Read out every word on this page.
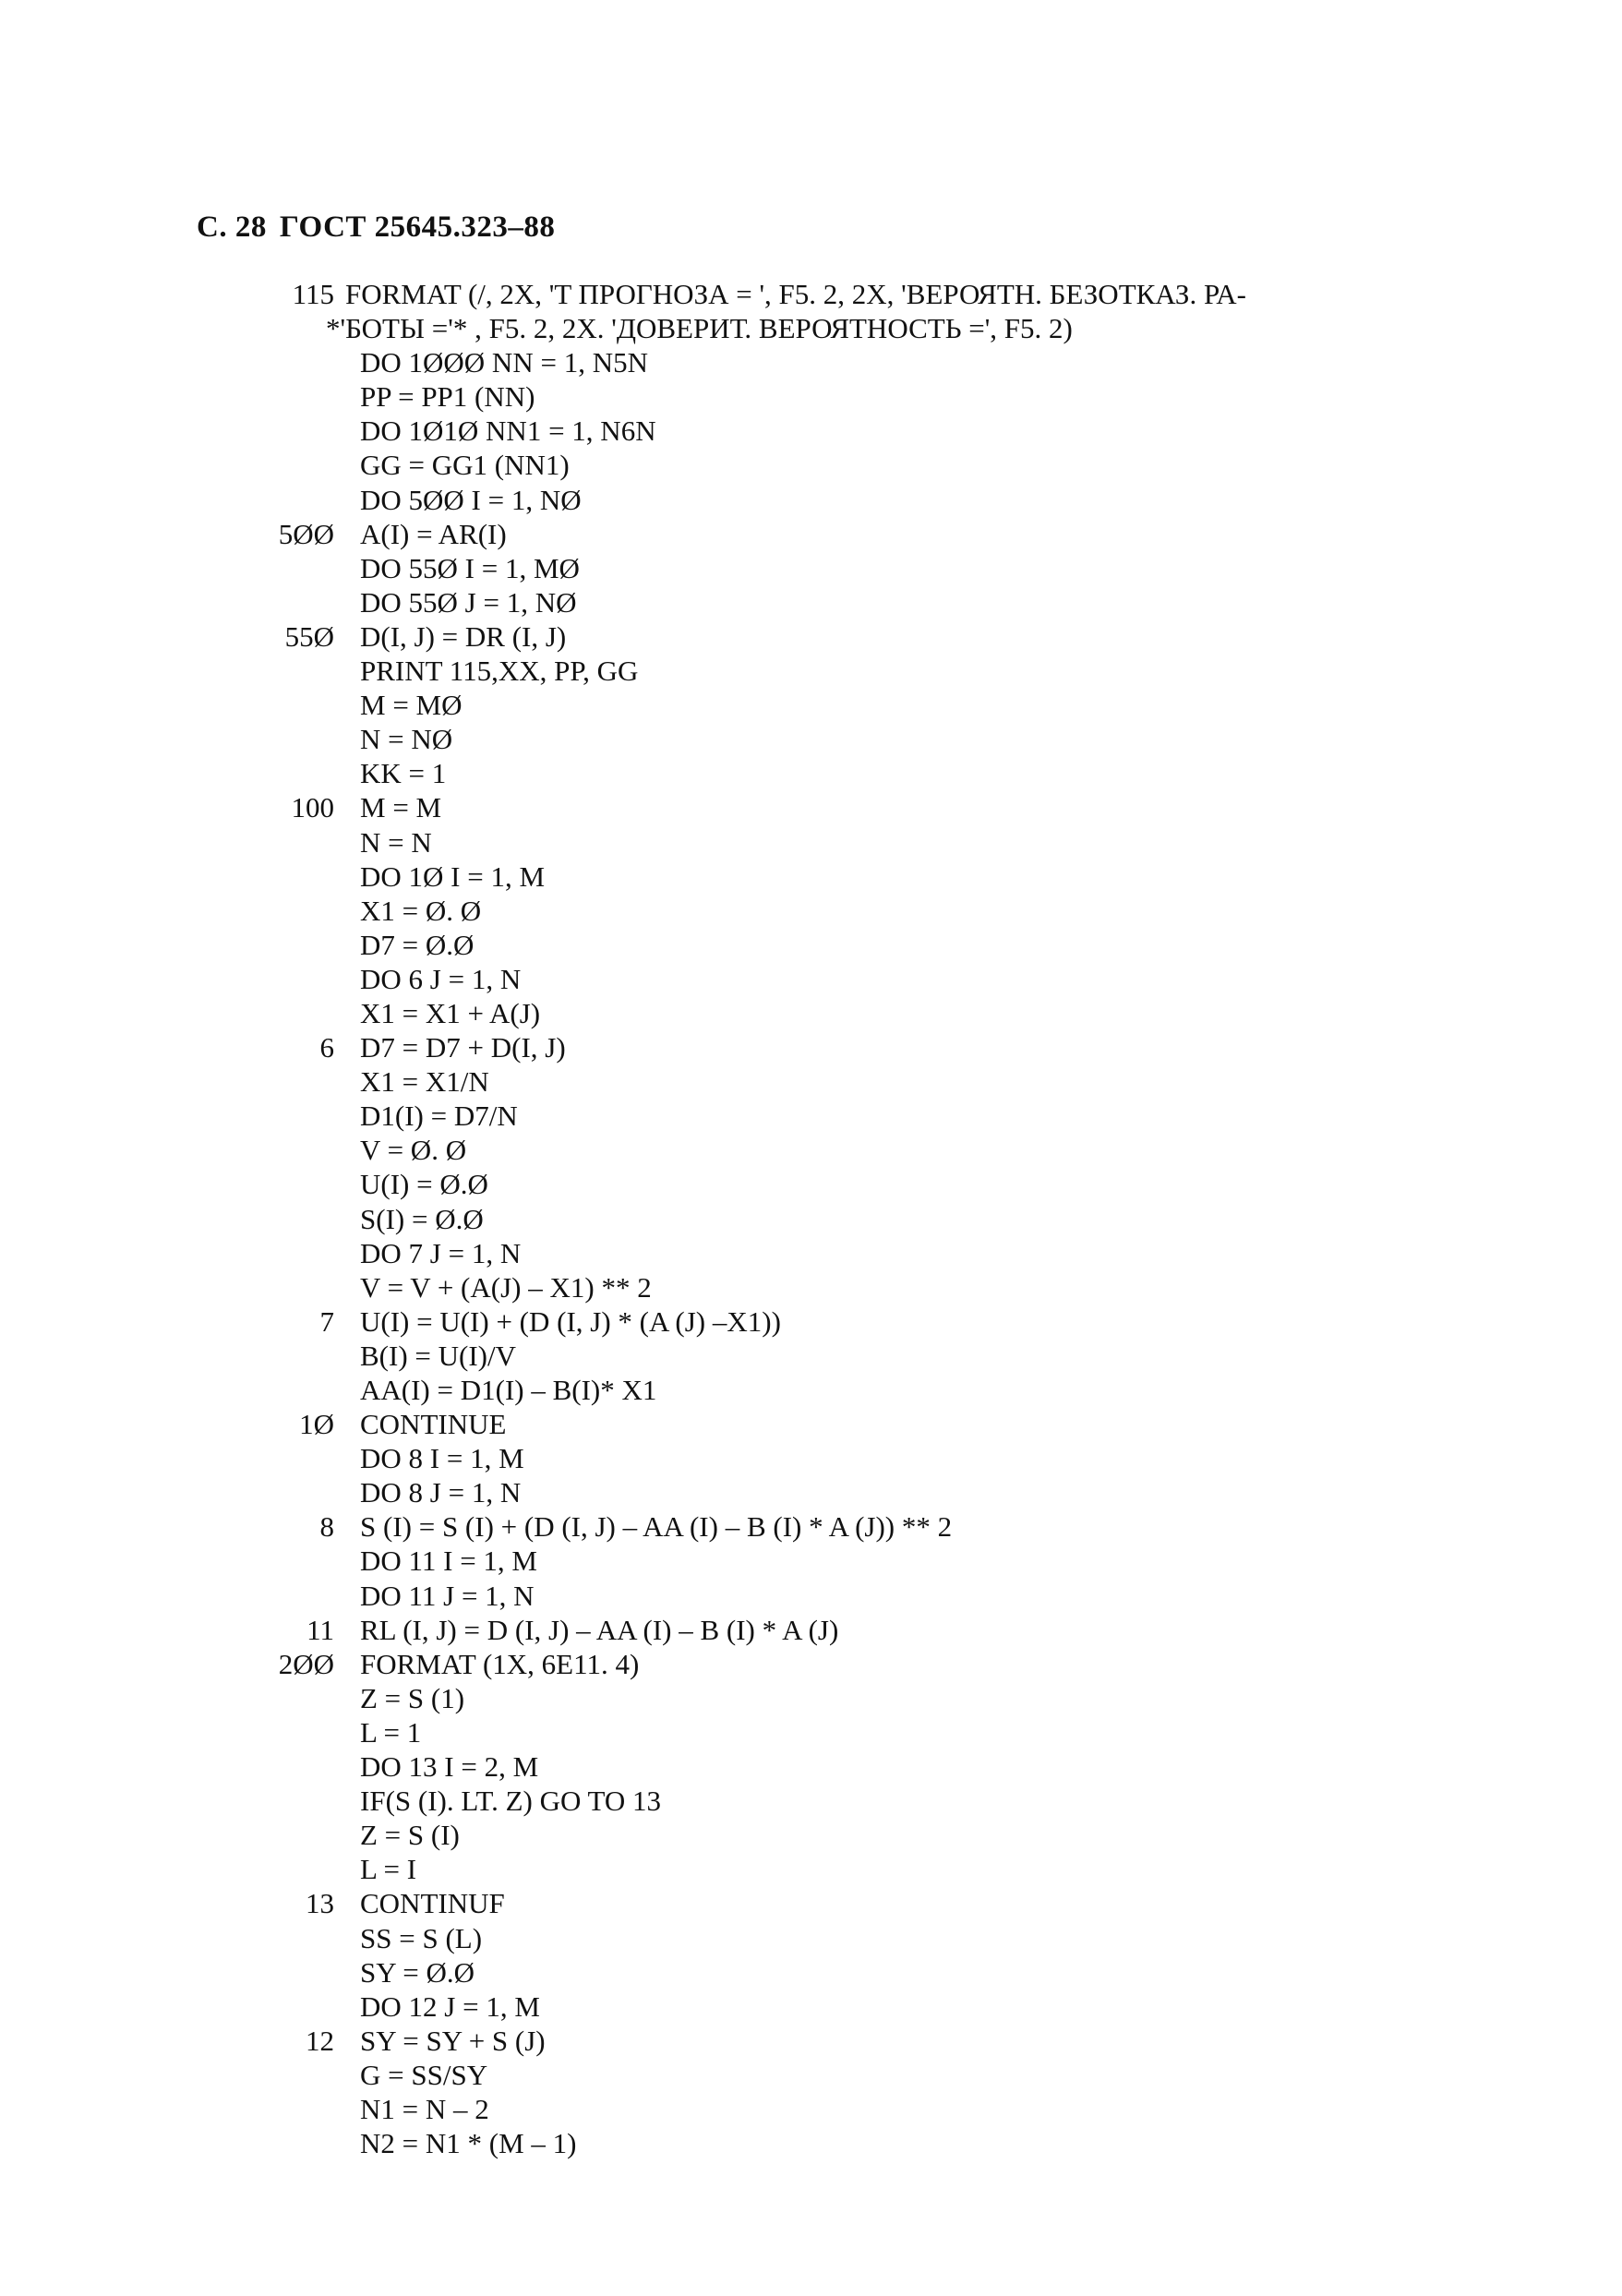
С. 28 ГОСТ 25645.323–88
115 FORMAT (/, 2X, 'T ПРОГНОЗА = ', F5. 2, 2X, 'ВЕРОЯТН. БЕЗОТКАЗ. РА-
*'БОТЫ ='* , F5. 2, 2X. 'ДОВЕРИТ. ВЕРОЯТНОСТЬ =', F5. 2)
DO 1ØØØ NN = 1, N5N
PP = PP1 (NN)
DO 1Ø1Ø NN1 = 1, N6N
GG = GG1 (NN1)
DO 5ØØ I = 1, NØ
5ØØ A(I) = AR(I)
DO 55Ø I = 1, MØ
DO 55Ø J = 1, NØ
55Ø D(I, J) = DR (I, J)
PRINT 115,XX, PP, GG
M = MØ
N = NØ
KK = 1
100 M = M
N = N
DO 1Ø I = 1, M
X1 = Ø. Ø
D7 = Ø.Ø
DO 6 J = 1, N
X1 = X1 + A(J)
6 D7 = D7 + D(I, J)
X1 = X1/N
D1(I) = D7/N
V = Ø. Ø
U(I) = Ø.Ø
S(I) = Ø.Ø
DO 7 J = 1, N
V = V + (A(J) – X1) ** 2
7 U(I) = U(I) + (D (I, J) * (A (J) –X1))
B(I) = U(I)/V
AA(I) = D1(I) – B(I)* X1
1Ø CONTINUE
DO 8 I = 1, M
DO 8 J = 1, N
8 S (I) = S (I) + (D (I, J) – AA (I) – B (I) * A (J)) ** 2
DO 11 I = 1, M
DO 11 J = 1, N
11 RL (I, J) = D (I, J) – AA (I) – B (I) * A (J)
2ØØ FORMAT (1X, 6E11. 4)
Z = S (1)
L = 1
DO 13 I = 2, M
IF(S (I). LT. Z) GO TO 13
Z = S (I)
L = I
13 CONTINUF
SS = S (L)
SY = Ø.Ø
DO 12 J = 1, M
12 SY = SY + S (J)
G = SS/SY
N1 = N – 2
N2 = N1 * (M – 1)
